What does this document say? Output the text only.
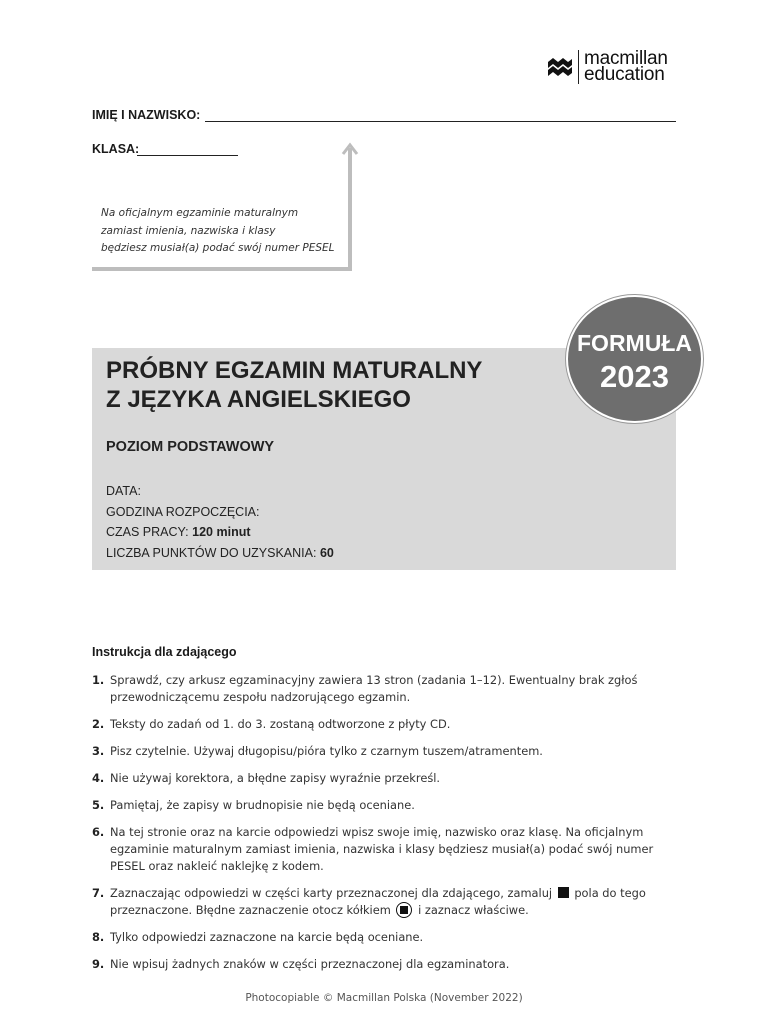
macmillan
education
IMIĘ I NAZWISKO:
KLASA:
Na oficjalnym egzaminie maturalnym
zamiast imienia, nazwiska i klasy
będziesz musiał(a) podać swój numer PESEL
PRÓBNY EGZAMIN MATURALNY
Z JĘZYKA ANGIELSKIEGO
POZIOM PODSTAWOWY
DATA:
GODZINA ROZPOCZĘCIA:
CZAS PRACY: 120 minut
LICZBA PUNKTÓW DO UZYSKANIA: 60
FORMUŁA
2023
Instrukcja dla zdającego
1. Sprawdź, czy arkusz egzaminacyjny zawiera 13 stron (zadania 1–12). Ewentualny brak zgłoś przewodniczącemu zespołu nadzorującego egzamin.
2. Teksty do zadań od 1. do 3. zostaną odtworzone z płyty CD.
3. Pisz czytelnie. Używaj długopisu/pióra tylko z czarnym tuszem/atramentem.
4. Nie używaj korektora, a błędne zapisy wyraźnie przekreśl.
5. Pamiętaj, że zapisy w brudnopisie nie będą oceniane.
6. Na tej stronie oraz na karcie odpowiedzi wpisz swoje imię, nazwisko oraz klasę. Na oficjalnym egzaminie maturalnym zamiast imienia, nazwiska i klasy będziesz musiał(a) podać swój numer PESEL oraz nakleić naklejkę z kodem.
7. Zaznaczając odpowiedzi w części karty przeznaczonej dla zdającego, zamaluj pola do tego przeznaczone. Błędne zaznaczenie otocz kółkiem i zaznacz właściwe.
8. Tylko odpowiedzi zaznaczone na karcie będą oceniane.
9. Nie wpisuj żadnych znaków w części przeznaczonej dla egzaminatora.
Photocopiable © Macmillan Polska (November 2022)
